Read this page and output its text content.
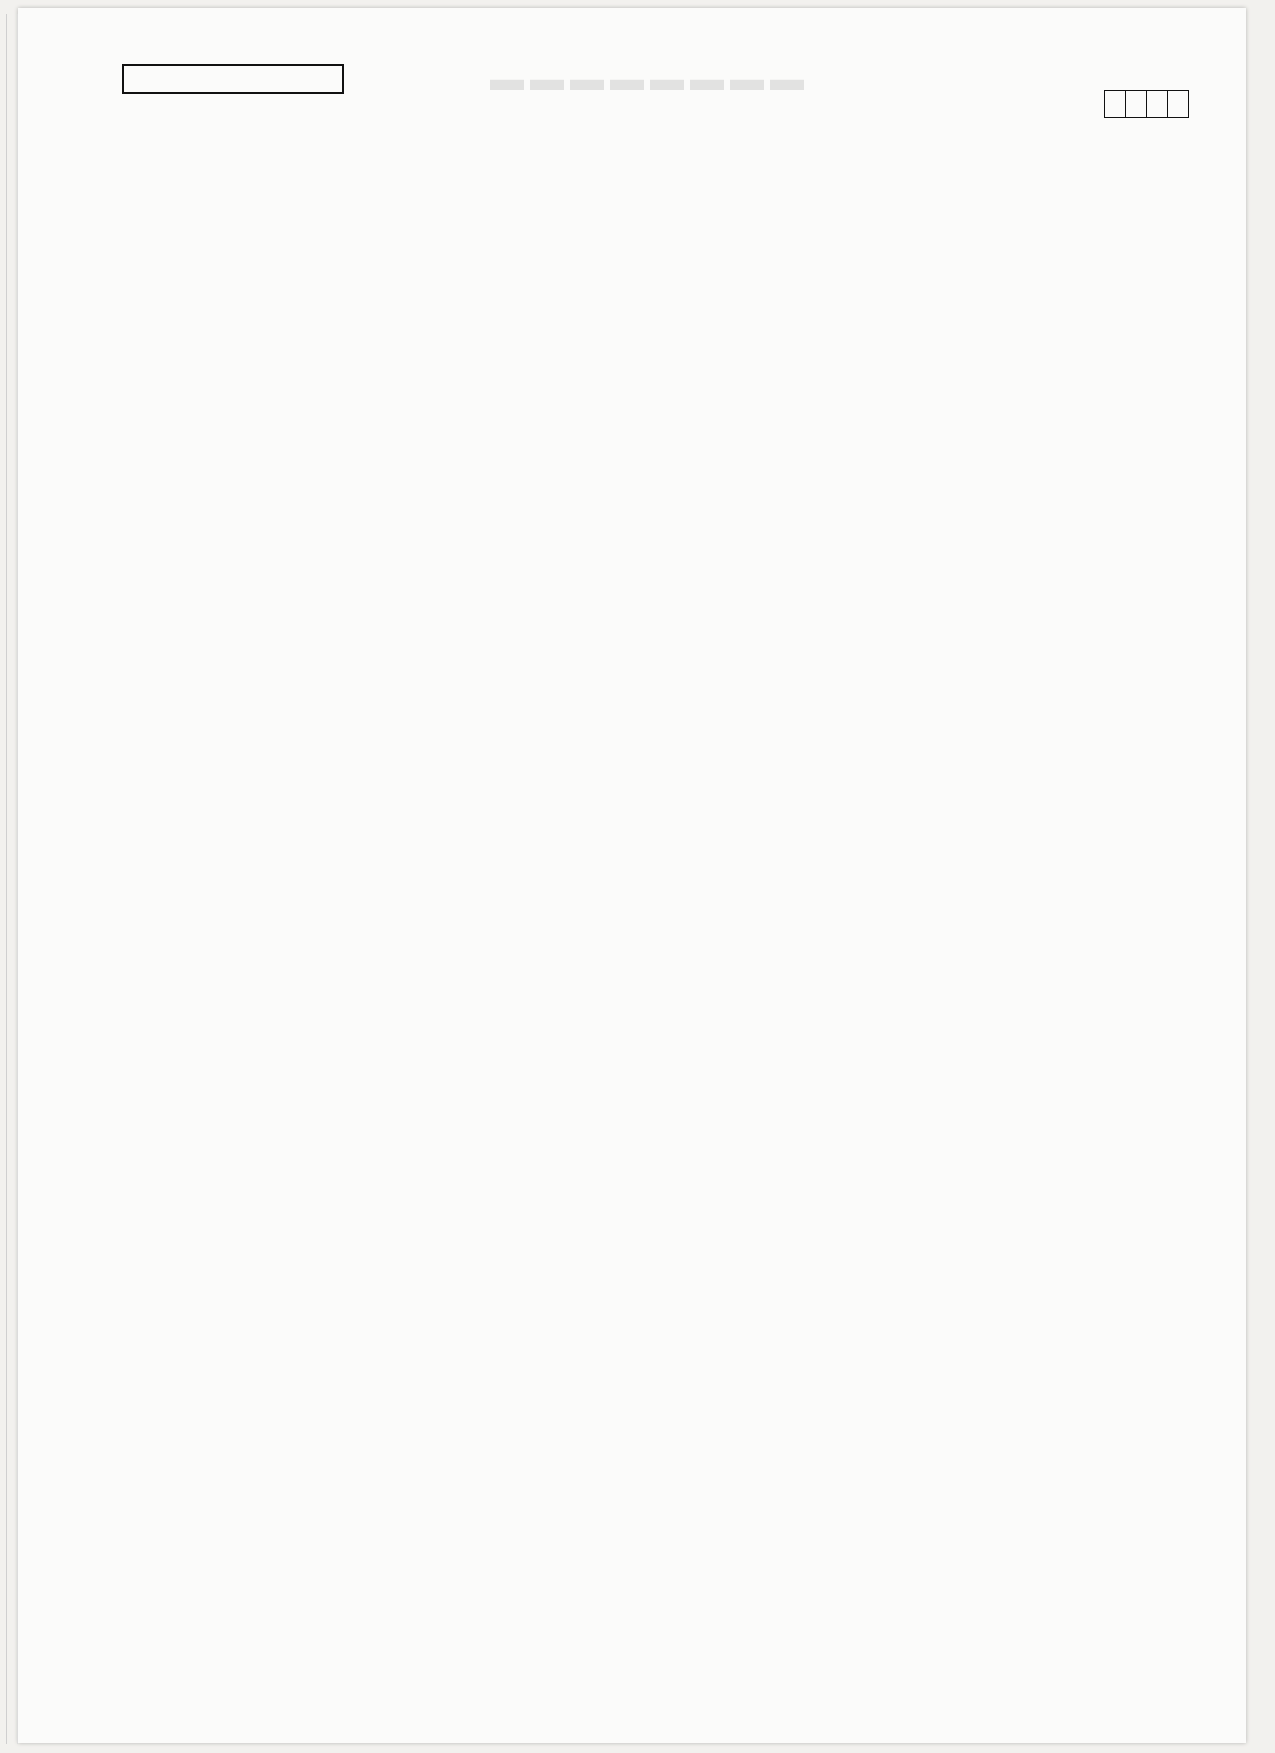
▬▬▬▬▬▬▬▬
